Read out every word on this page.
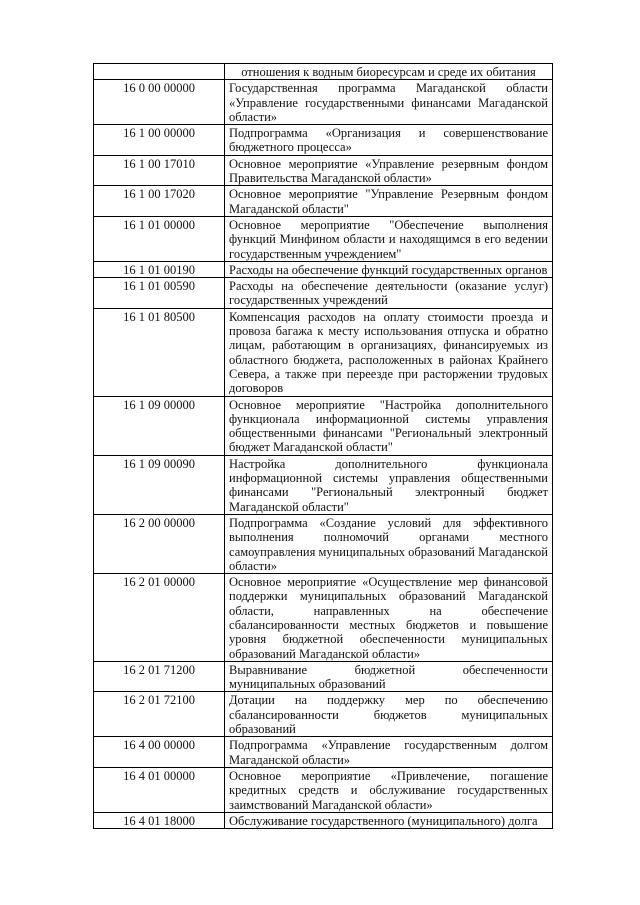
	отношения к водным биоресурсам и среде их обитания
16 0 00 00000	Государственная программа Магаданской области «Управление государственными финансами Магаданской области»
16 1 00 00000	Подпрограмма «Организация и совершенствование бюджетного процесса»
16 1 00 17010	Основное мероприятие «Управление резервным фондом Правительства Магаданской области»
16 1 00 17020	Основное мероприятие "Управление Резервным фондом Магаданской области"
16 1 01 00000	Основное мероприятие "Обеспечение выполнения функций Минфином области и находящимся в его ведении государственным учреждением"
16 1 01 00190	Расходы на обеспечение функций государственных органов
16 1 01 00590	Расходы на обеспечение деятельности (оказание услуг) государственных учреждений
16 1 01 80500	Компенсация расходов на оплату стоимости проезда и провоза багажа к месту использования отпуска и обратно лицам, работающим в организациях, финансируемых из областного бюджета, расположенных в районах Крайнего Севера, а также при переезде при расторжении трудовых договоров
16 1 09 00000	Основное мероприятие "Настройка дополнительного функционала информационной системы управления общественными финансами "Региональный электронный бюджет Магаданской области"
16 1 09 00090	Настройка дополнительного функционала информационной системы управления общественными финансами "Региональный электронный бюджет Магаданской области"
16 2 00 00000	Подпрограмма «Создание условий для эффективного выполнения полномочий органами местного самоуправления муниципальных образований Магаданской области»
16 2 01 00000	Основное мероприятие «Осуществление мер финансовой поддержки муниципальных образований Магаданской области, направленных на обеспечение сбалансированности местных бюджетов и повышение уровня бюджетной обеспеченности муниципальных образований Магаданской области»
16 2 01 71200	Выравнивание бюджетной обеспеченности муниципальных образований
16 2 01 72100	Дотации на поддержку мер по обеспечению сбалансированности бюджетов муниципальных образований
16 4 00 00000	Подпрограмма «Управление государственным долгом Магаданской области»
16 4 01 00000	Основное мероприятие «Привлечение, погашение кредитных средств и обслуживание государственных заимствований Магаданской области»
16 4 01 18000	Обслуживание государственного (муниципального) долга
